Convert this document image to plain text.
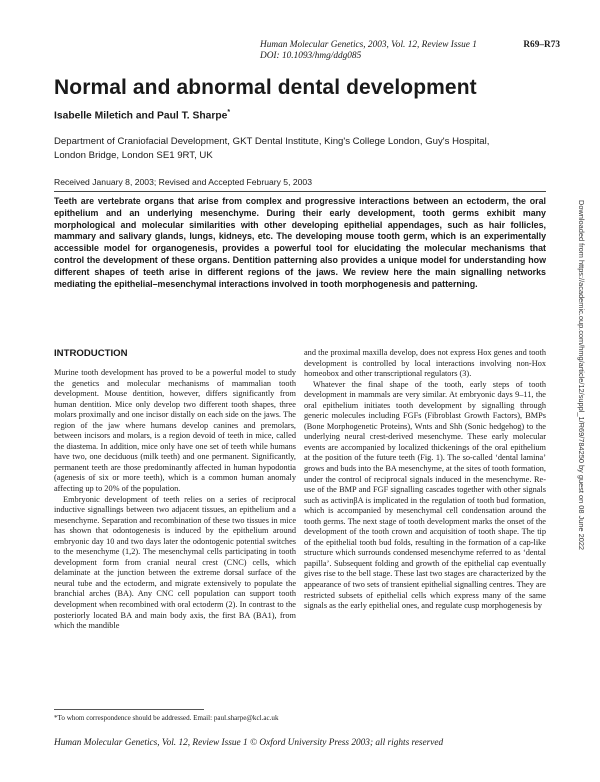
Human Molecular Genetics, 2003, Vol. 12, Review Issue 1	R69–R73
DOI: 10.1093/hmg/ddg085
Normal and abnormal dental development
Isabelle Miletich and Paul T. Sharpe*
Department of Craniofacial Development, GKT Dental Institute, King's College London, Guy's Hospital, London Bridge, London SE1 9RT, UK
Received January 8, 2003; Revised and Accepted February 5, 2003
Teeth are vertebrate organs that arise from complex and progressive interactions between an ectoderm, the oral epithelium and an underlying mesenchyme. During their early development, tooth germs exhibit many morphological and molecular similarities with other developing epithelial appendages, such as hair follicles, mammary and salivary glands, lungs, kidneys, etc. The developing mouse tooth germ, which is an experimentally accessible model for organogenesis, provides a powerful tool for elucidating the molecular mechanisms that control the development of these organs. Dentition patterning also provides a unique model for understanding how different shapes of teeth arise in different regions of the jaws. We review here the main signalling networks mediating the epithelial–mesenchymal interactions involved in tooth morphogenesis and patterning.	Downloaded from https://academic.oup.com/hmg/article/12/suppl_1/R69/784250 by guest on 08 June 2022
INTRODUCTION

Murine tooth development has proved to be a powerful model to study the genetics and molecular mechanisms of mammalian tooth development. Mouse dentition, however, differs significantly from human dentition. Mice only develop two different tooth shapes, three molars proximally and one incisor distally on each side on the jaws. The region of the jaw where humans develop canines and premolars, between incisors and molars, is a region devoid of teeth in mice, called the diastema. In addition, mice only have one set of teeth while humans have two, one deciduous (milk teeth) and one permanent. Significantly, permanent teeth are those predominantly affected in human hypodontia (agenesis of six or more teeth), which is a common human anomaly affecting up to 20% of the population.

Embryonic development of teeth relies on a series of reciprocal inductive signallings between two adjacent tissues, an epithelium and a mesenchyme. Separation and recombination of these two tissues in mice has shown that odontogenesis is induced by the epithelium around embryonic day 10 and two days later the odontogenic potential switches to the mesenchyme (1,2). The mesenchymal cells participating in tooth development form from cranial neural crest (CNC) cells, which delaminate at the junction between the extreme dorsal surface of the neural tube and the ectoderm, and migrate extensively to populate the branchial arches (BA). Any CNC cell population can support tooth development when recombined with oral ectoderm (2). In contrast to the posteriorly located BA and main body axis, the first BA (BA1), from which the mandible

and the proximal maxilla develop, does not express Hox genes and tooth development is controlled by local interactions involving non-Hox homeobox and other transcriptional regulators (3).

Whatever the final shape of the tooth, early steps of tooth development in mammals are very similar. At embryonic days 9–11, the oral epithelium initiates tooth development by signalling through generic molecules including FGFs (Fibroblast Growth Factors), BMPs (Bone Morphogenetic Proteins), Wnts and Shh (Sonic hedgehog) to the underlying neural crest-derived mesenchyme. These early molecular events are accompanied by localized thickenings of the oral epithelium at the position of the future teeth (Fig. 1). The so-called ‘dental lamina’ grows and buds into the BA mesenchyme, at the sites of tooth formation, under the control of reciprocal signals induced in the mesenchyme. Re-use of the BMP and FGF signalling cascades together with other signals such as activinβA is implicated in the regulation of tooth bud formation, which is accompanied by mesenchymal cell condensation around the tooth germs. The next stage of tooth development marks the onset of the development of the tooth crown and acquisition of tooth shape. The tip of the epithelial tooth bud folds, resulting in the formation of a cap-like structure which surrounds condensed mesenchyme referred to as ‘dental papilla’. Subsequent folding and growth of the epithelial cap eventually gives rise to the bell stage. These last two stages are characterized by the appearance of two sets of transient epithelial signalling centres. They are restricted subsets of epithelial cells which express many of the same signals as the early epithelial ones, and regulate cusp morphogenesis by

*To whom correspondence should be addressed. Email: paul.sharpe@kcl.ac.uk
Human Molecular Genetics, Vol. 12, Review Issue 1 © Oxford University Press 2003; all rights reserved
